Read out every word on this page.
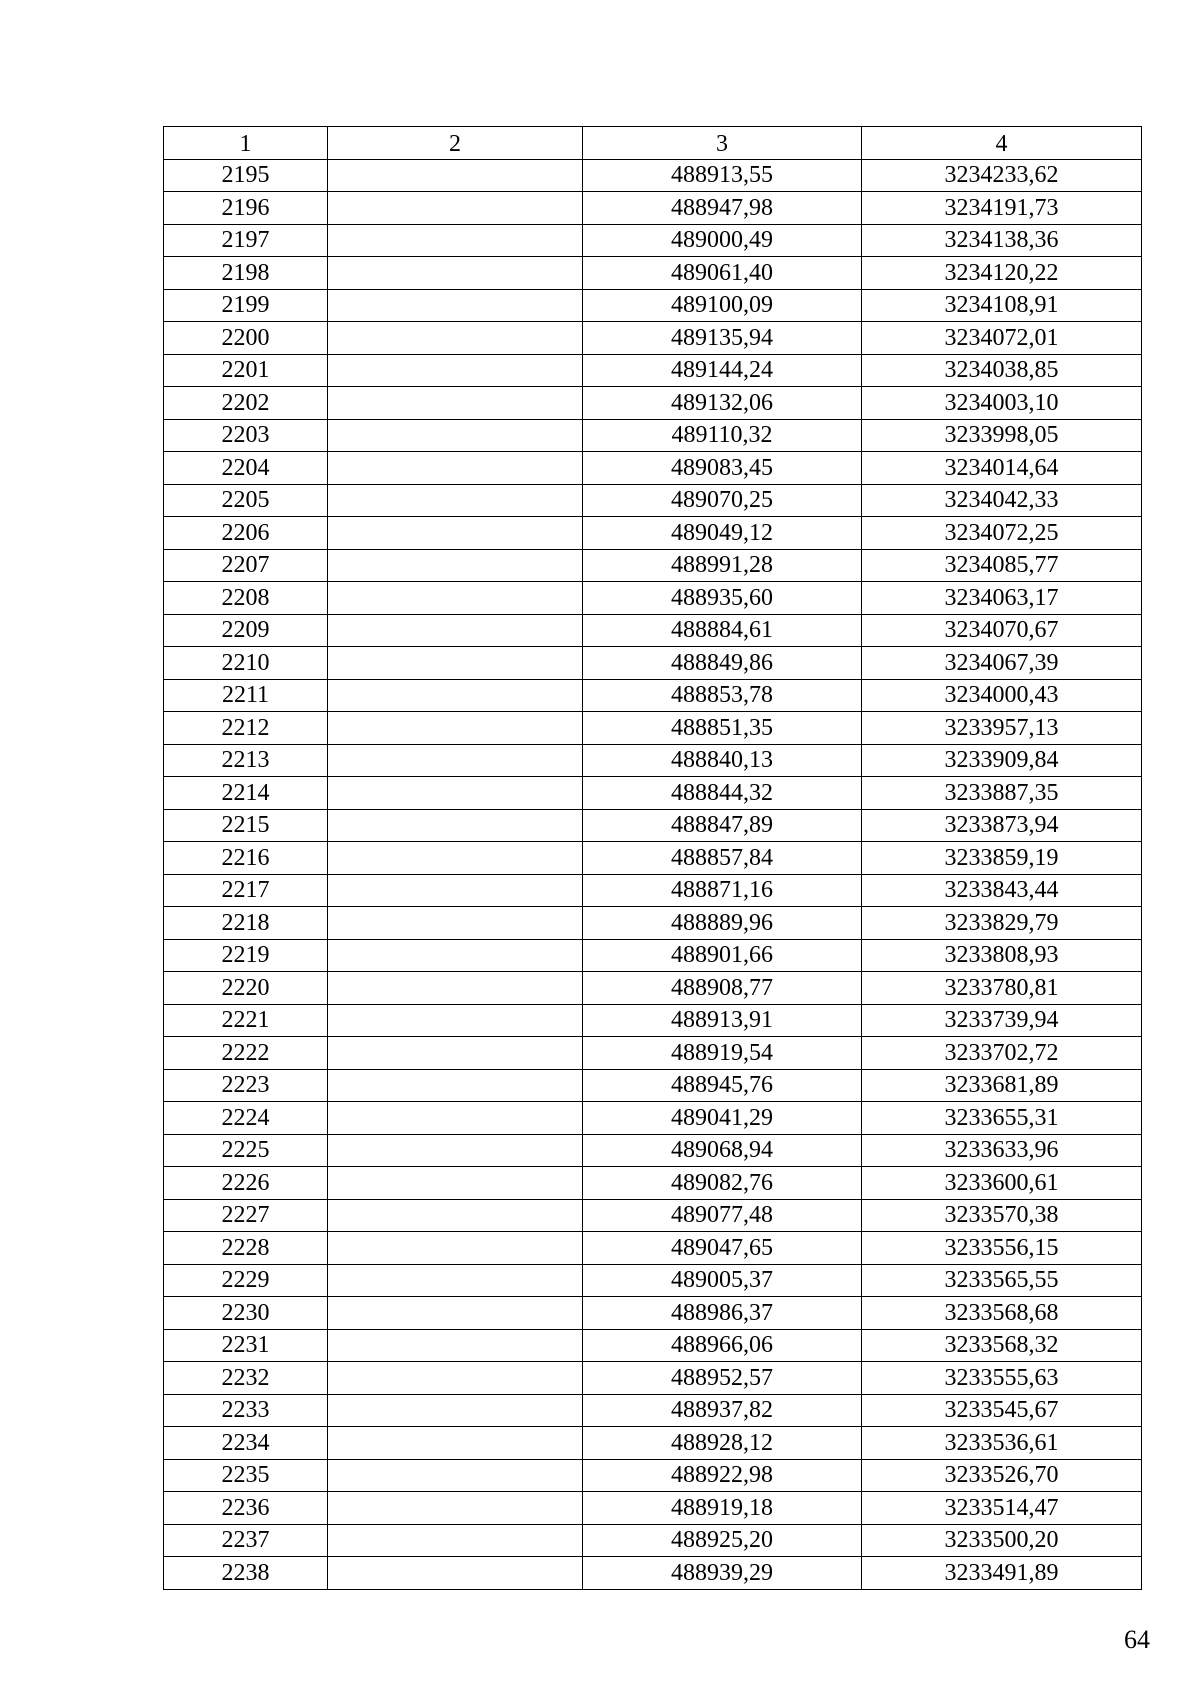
1	2	3	4
2195		488913,55	3234233,62
2196		488947,98	3234191,73
2197		489000,49	3234138,36
2198		489061,40	3234120,22
2199		489100,09	3234108,91
2200		489135,94	3234072,01
2201		489144,24	3234038,85
2202		489132,06	3234003,10
2203		489110,32	3233998,05
2204		489083,45	3234014,64
2205		489070,25	3234042,33
2206		489049,12	3234072,25
2207		488991,28	3234085,77
2208		488935,60	3234063,17
2209		488884,61	3234070,67
2210		488849,86	3234067,39
2211		488853,78	3234000,43
2212		488851,35	3233957,13
2213		488840,13	3233909,84
2214		488844,32	3233887,35
2215		488847,89	3233873,94
2216		488857,84	3233859,19
2217		488871,16	3233843,44
2218		488889,96	3233829,79
2219		488901,66	3233808,93
2220		488908,77	3233780,81
2221		488913,91	3233739,94
2222		488919,54	3233702,72
2223		488945,76	3233681,89
2224		489041,29	3233655,31
2225		489068,94	3233633,96
2226		489082,76	3233600,61
2227		489077,48	3233570,38
2228		489047,65	3233556,15
2229		489005,37	3233565,55
2230		488986,37	3233568,68
2231		488966,06	3233568,32
2232		488952,57	3233555,63
2233		488937,82	3233545,67
2234		488928,12	3233536,61
2235		488922,98	3233526,70
2236		488919,18	3233514,47
2237		488925,20	3233500,20
2238		488939,29	3233491,89
64
